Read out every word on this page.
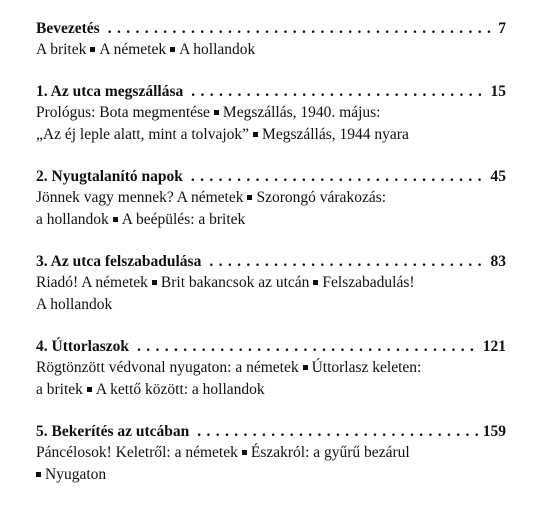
Bevezetés . . .	7
A britek A németek A hollandok
1. Az utca megszállása . . .	15
Prológus: Bota megmentése Megszállás, 1940. május:
„Az éj leple alatt, mint a tolvajok” Megszállás, 1944 nyara
2. Nyugtalanító napok . . .	45
Jönnek vagy mennek? A németek Szorongó várakozás:
a hollandok A beépülés: a britek
3. Az utca felszabadulása . . .	83
Riadó! A németek Brit bakancsok az utcán Felszabadulás!
A hollandok
4. Úttorlaszok . . .	121
Rögtönzött védvonal nyugaton: a németek Úttorlasz keleten:
a britek A kettő között: a hollandok
5. Bekerítés az utcában . . .	159
Páncélosok! Keletről: a németek Északról: a gyűrű bezárul
Nyugaton
